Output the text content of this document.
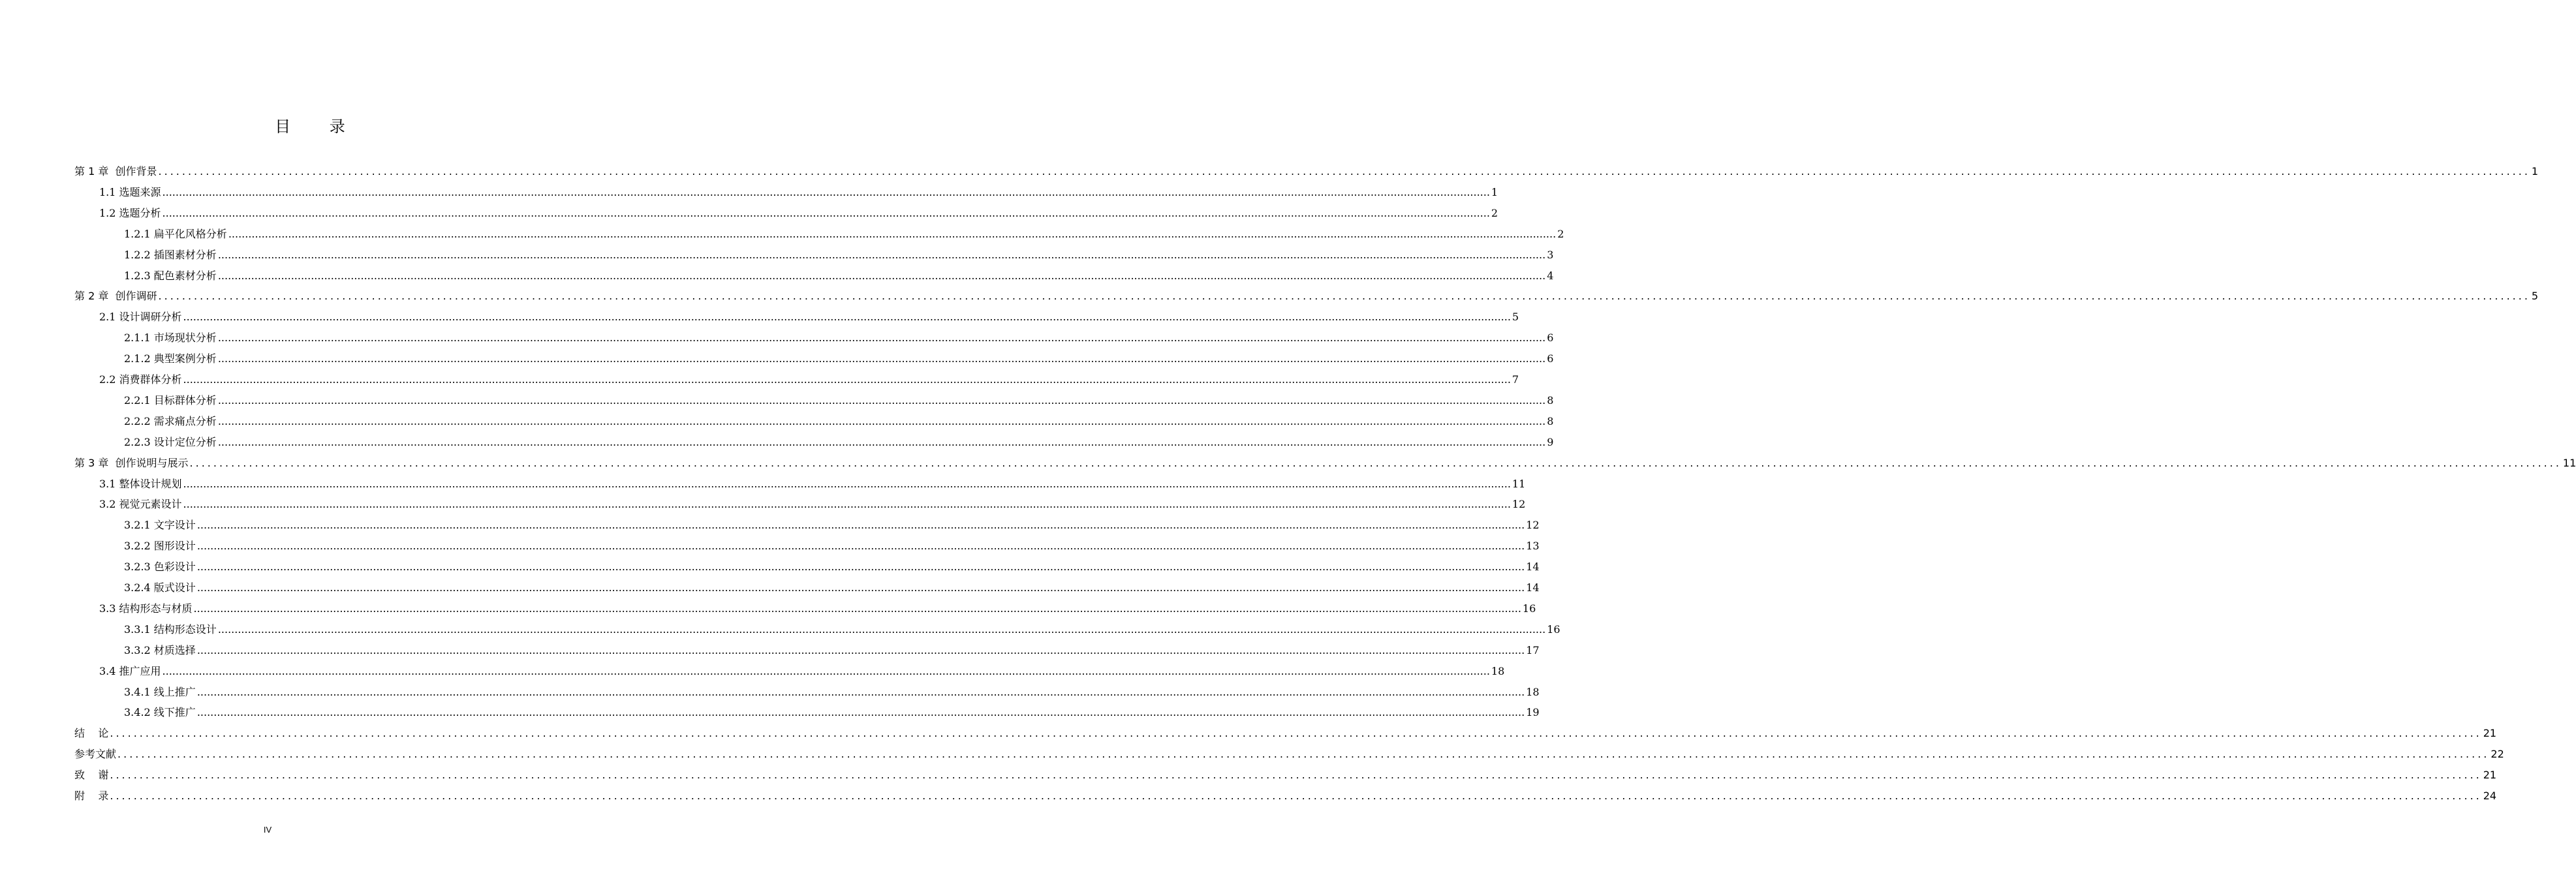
目 录
第 1 章  创作背景 ................................................................................................................................................................................................................................................................................................................................................................................................................ 1
1.1 选题来源 ................................................................................................................................................................................................................................................................................................................................................................................................................ 1
1.2 选题分析 ................................................................................................................................................................................................................................................................................................................................................................................................................ 2
1.2.1 扁平化风格分析 ................................................................................................................................................................................................................................................................................................................................................................................................................ 2
1.2.2 插图素材分析 ................................................................................................................................................................................................................................................................................................................................................................................................................ 3
1.2.3 配色素材分析 ................................................................................................................................................................................................................................................................................................................................................................................................................ 4
第 2 章  创作调研 ................................................................................................................................................................................................................................................................................................................................................................................................................ 5
2.1 设计调研分析 ................................................................................................................................................................................................................................................................................................................................................................................................................ 5
2.1.1 市场现状分析 ................................................................................................................................................................................................................................................................................................................................................................................................................ 6
2.1.2 典型案例分析 ................................................................................................................................................................................................................................................................................................................................................................................................................ 6
2.2 消费群体分析 ................................................................................................................................................................................................................................................................................................................................................................................................................ 7
2.2.1 目标群体分析 ................................................................................................................................................................................................................................................................................................................................................................................................................ 8
2.2.2 需求痛点分析 ................................................................................................................................................................................................................................................................................................................................................................................................................ 8
2.2.3 设计定位分析 ................................................................................................................................................................................................................................................................................................................................................................................................................ 9
第 3 章  创作说明与展示 ................................................................................................................................................................................................................................................................................................................................................................................................................ 11
3.1 整体设计规划 ................................................................................................................................................................................................................................................................................................................................................................................................................ 11
3.2 视觉元素设计 ................................................................................................................................................................................................................................................................................................................................................................................................................ 12
3.2.1 文字设计 ................................................................................................................................................................................................................................................................................................................................................................................................................ 12
3.2.2 图形设计 ................................................................................................................................................................................................................................................................................................................................................................................................................ 13
3.2.3 色彩设计 ................................................................................................................................................................................................................................................................................................................................................................................................................ 14
3.2.4 版式设计 ................................................................................................................................................................................................................................................................................................................................................................................................................ 14
3.3 结构形态与材质 ................................................................................................................................................................................................................................................................................................................................................................................................................ 16
3.3.1 结构形态设计 ................................................................................................................................................................................................................................................................................................................................................................................................................ 16
3.3.2 材质选择 ................................................................................................................................................................................................................................................................................................................................................................................................................ 17
3.4 推广应用 ................................................................................................................................................................................................................................................................................................................................................................................................................ 18
3.4.1 线上推广 ................................................................................................................................................................................................................................................................................................................................................................................................................ 18
3.4.2 线下推广 ................................................................................................................................................................................................................................................................................................................................................................................................................ 19
结    论 ................................................................................................................................................................................................................................................................................................................................................................................................................ 21
参考文献 ................................................................................................................................................................................................................................................................................................................................................................................................................ 22
致    谢 ................................................................................................................................................................................................................................................................................................................................................................................................................ 21
附    录 ................................................................................................................................................................................................................................................................................................................................................................................................................ 24
IV
